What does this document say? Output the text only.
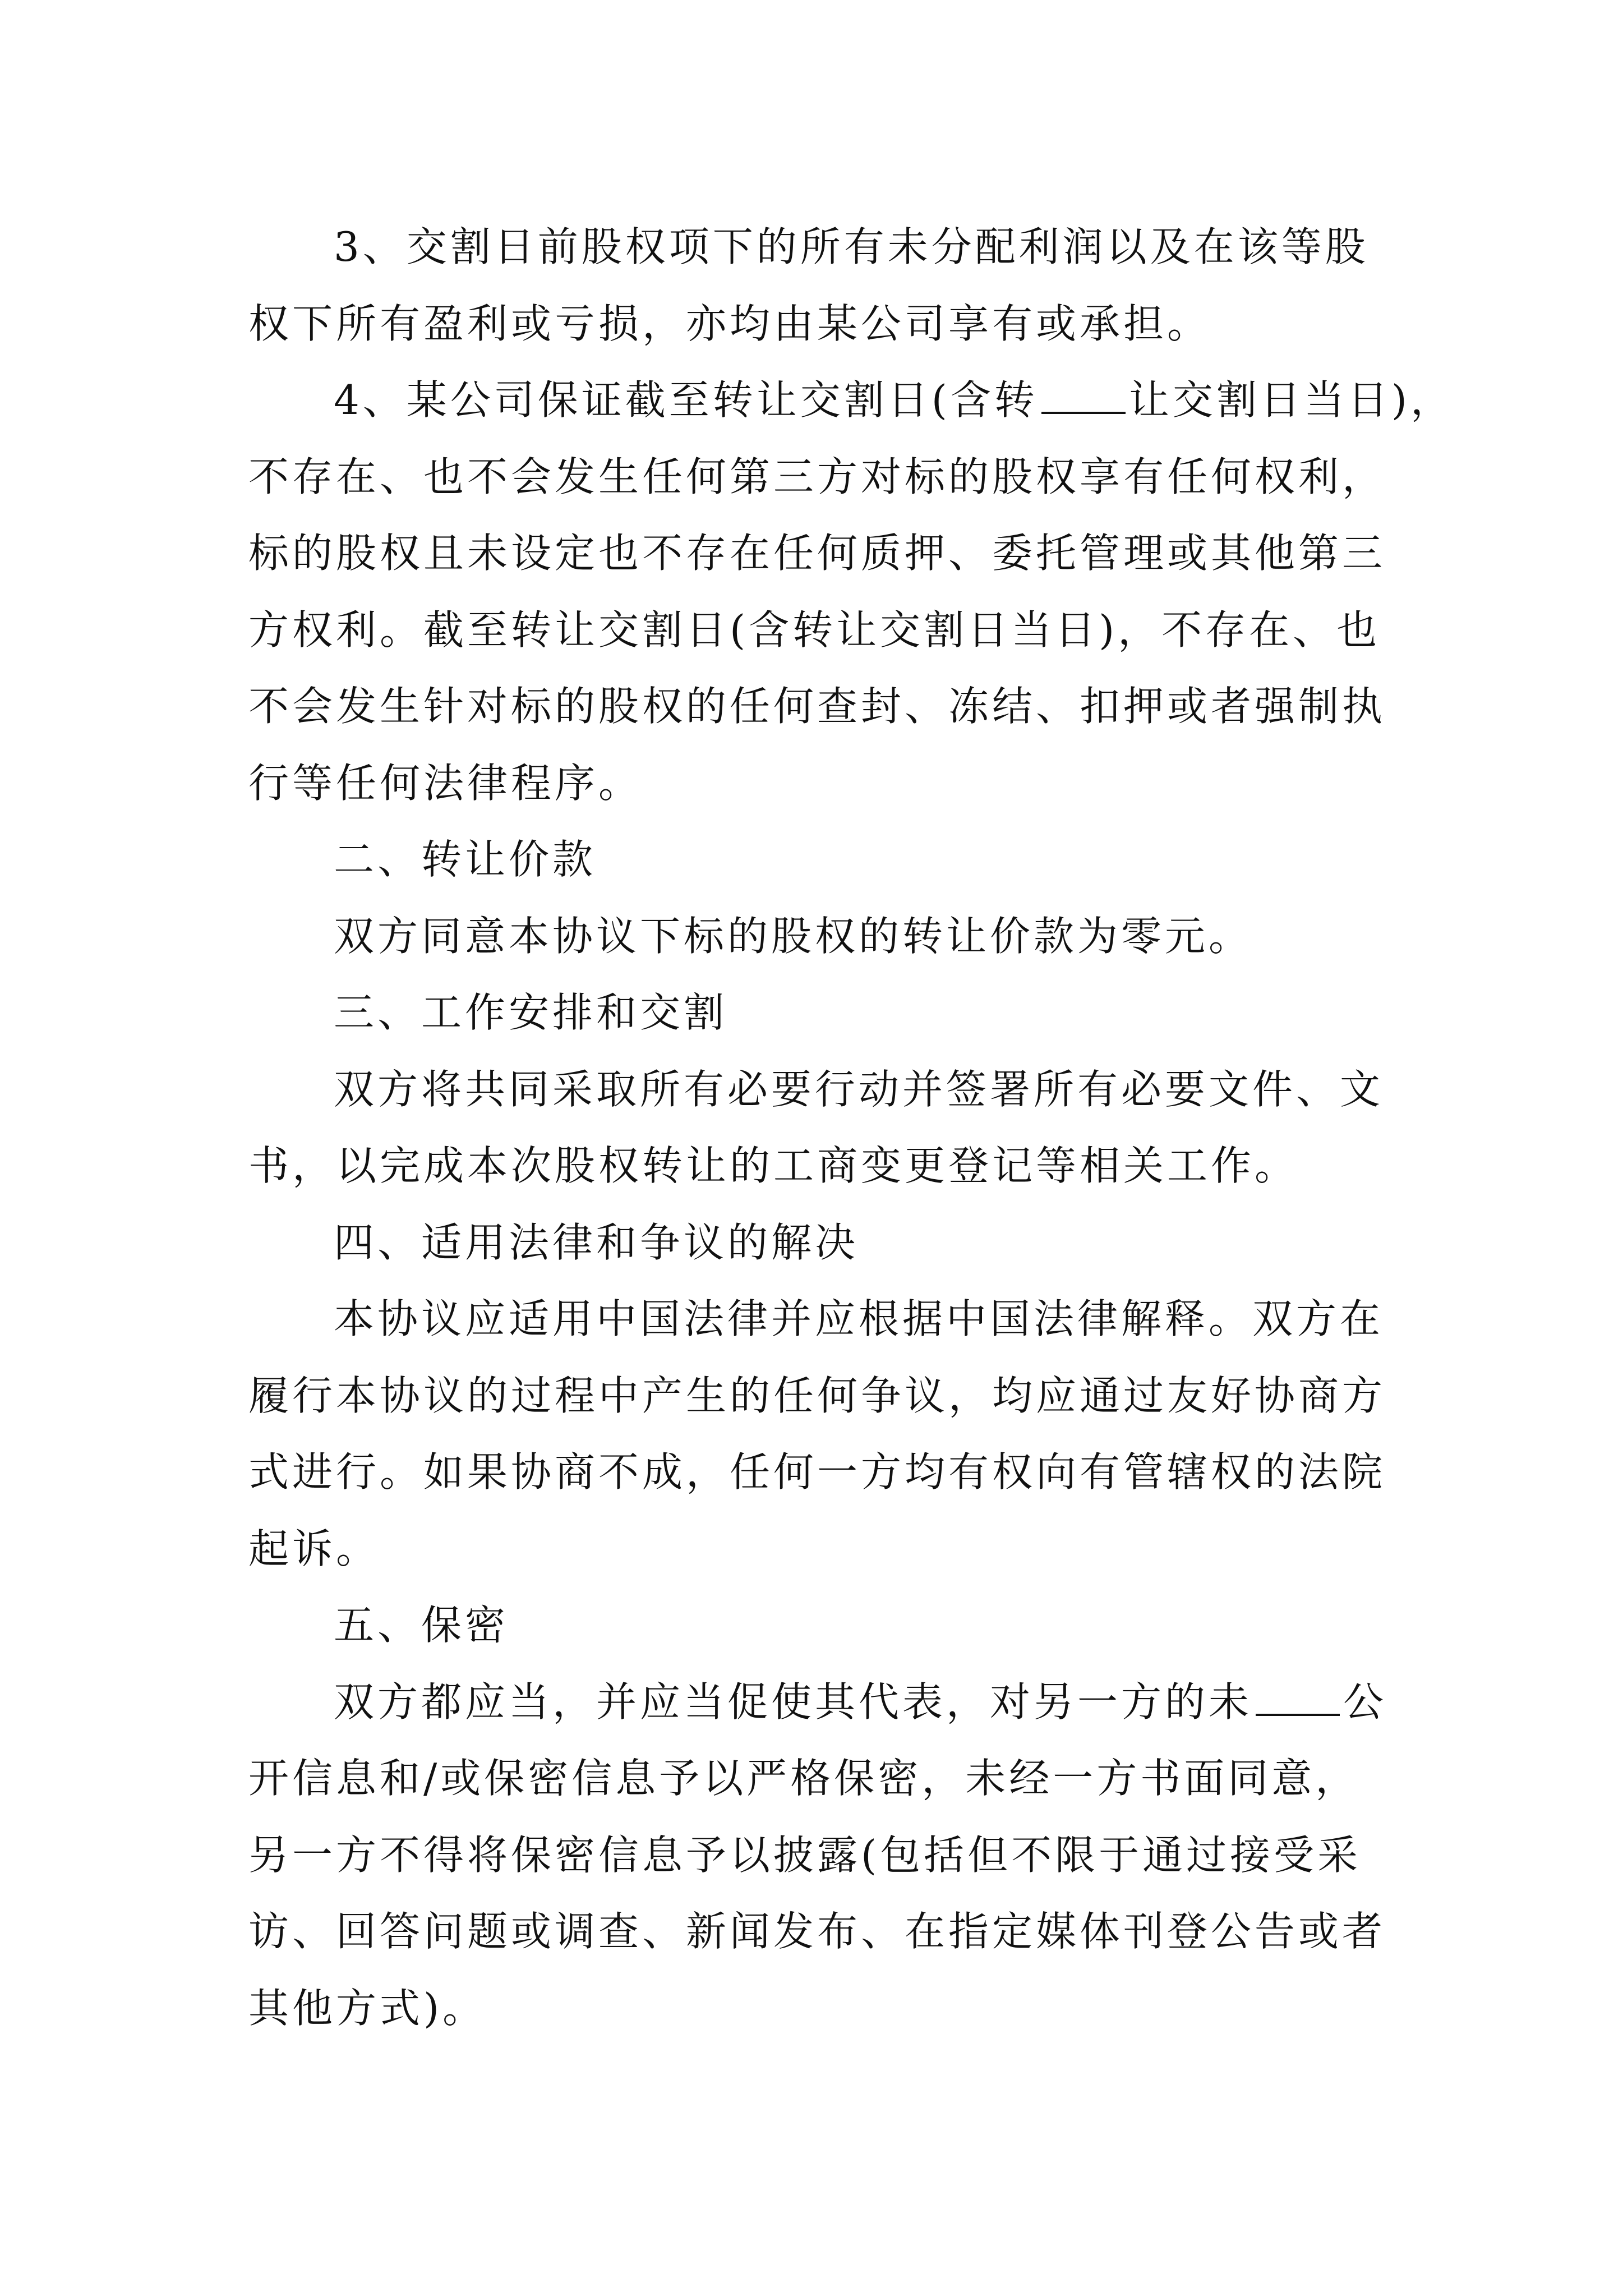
3、交割日前股权项下的所有未分配利润以及在该等股
权下所有盈利或亏损，亦均由某公司享有或承担。
4、某公司保证截至转让交割日(含转 让交割日当日)，
不存在、也不会发生任何第三方对标的股权享有任何权利，
标的股权且未设定也不存在任何质押、委托管理或其他第三
方权利。截至转让交割日(含转让交割日当日)，不存在、也
不会发生针对标的股权的任何查封、冻结、扣押或者强制执
行等任何法律程序。
二、转让价款
双方同意本协议下标的股权的转让价款为零元。
三、工作安排和交割
双方将共同采取所有必要行动并签署所有必要文件、文
书，以完成本次股权转让的工商变更登记等相关工作。
四、适用法律和争议的解决
本协议应适用中国法律并应根据中国法律解释。双方在
履行本协议的过程中产生的任何争议，均应通过友好协商方
式进行。如果协商不成，任何一方均有权向有管辖权的法院
起诉。
五、保密
双方都应当，并应当促使其代表，对另一方的未 公
开信息和/或保密信息予以严格保密，未经一方书面同意，
另一方不得将保密信息予以披露(包括但不限于通过接受采
访、回答问题或调查、新闻发布、在指定媒体刊登公告或者
其他方式)。
